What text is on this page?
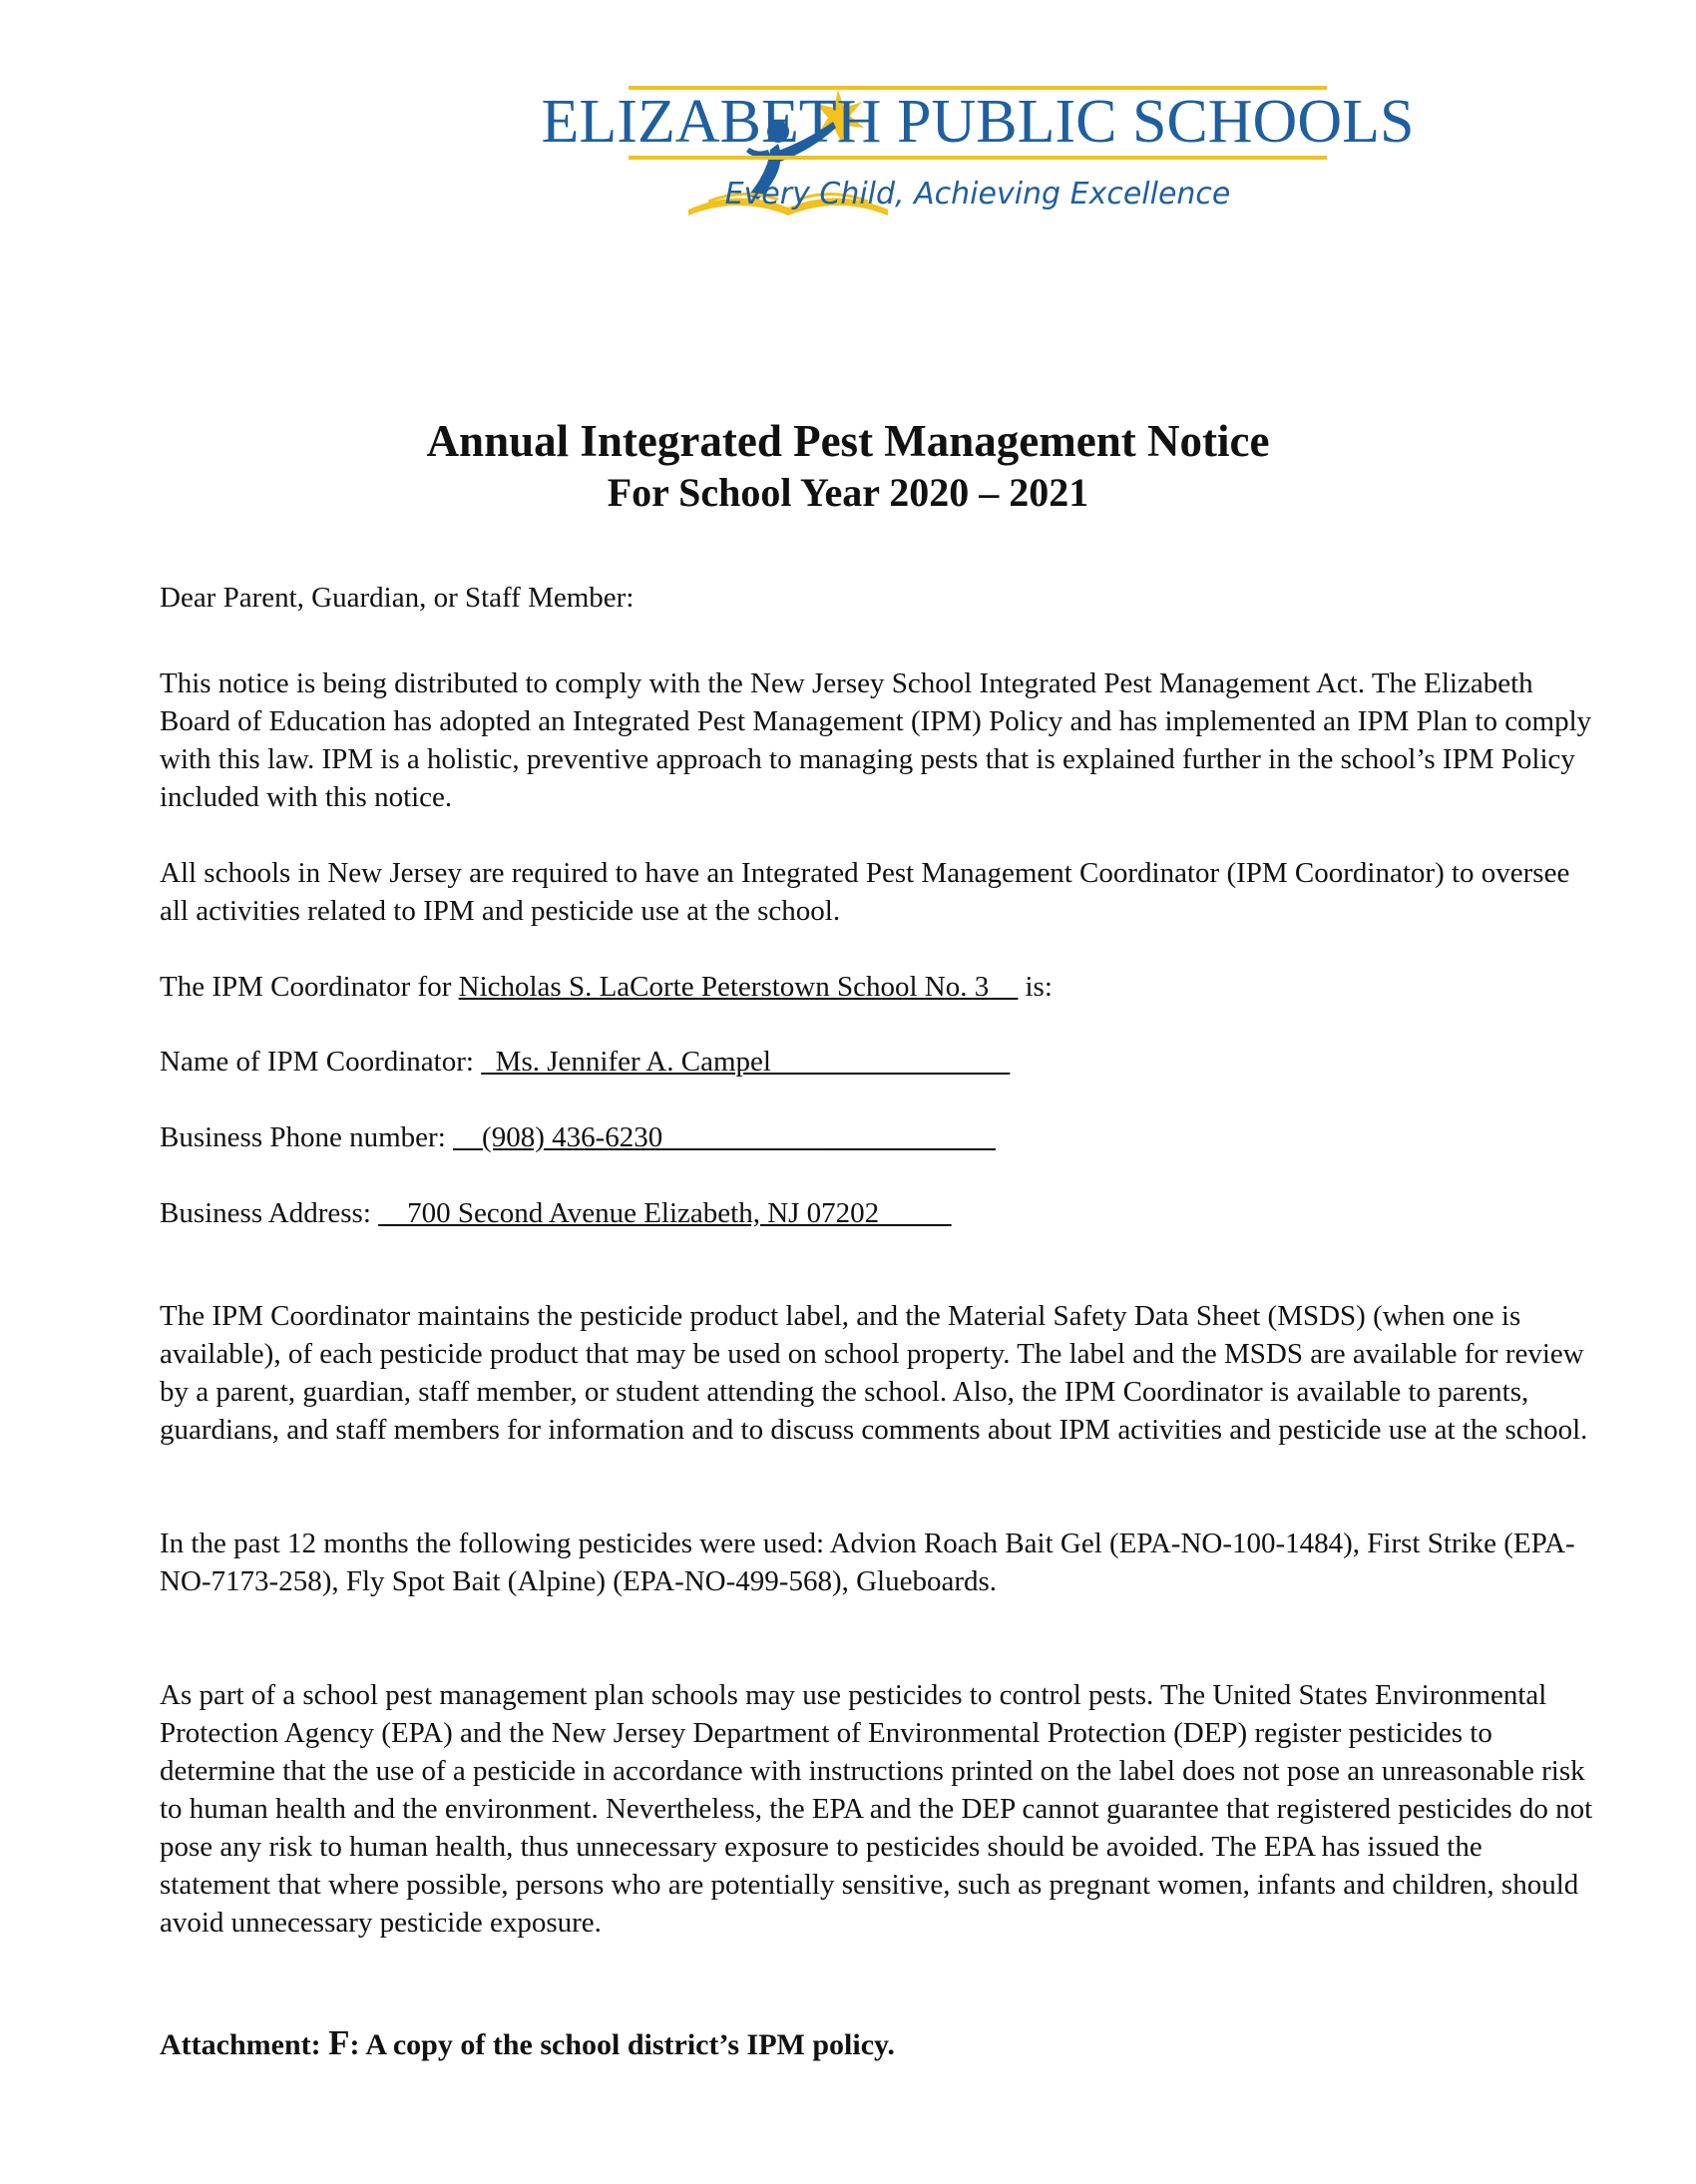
ELIZABETH PUBLIC SCHOOLS
Every Child, Achieving Excellence
Annual Integrated Pest Management Notice
For School Year 2020 – 2021
Dear Parent, Guardian, or Staff Member:
This notice is being distributed to comply with the New Jersey School Integrated Pest Management Act. The Elizabeth Board of Education has adopted an Integrated Pest Management (IPM) Policy and has implemented an IPM Plan to comply with this law. IPM is a holistic, preventive approach to managing pests that is explained further in the school’s IPM Policy included with this notice.
All schools in New Jersey are required to have an Integrated Pest Management Coordinator (IPM Coordinator) to oversee all activities related to IPM and pesticide use at the school.
The IPM Coordinator for Nicholas S. LaCorte Peterstown School No. 3__ is:
Name of IPM Coordinator:   Ms. Jennifer A. Campel         ____________
Business Phone number:     (908) 436-6230                      ____________
Business Address:     700 Second Avenue Elizabeth, NJ 07202
The IPM Coordinator maintains the pesticide product label, and the Material Safety Data Sheet (MSDS) (when one is available), of each pesticide product that may be used on school property. The label and the MSDS are available for review by a parent, guardian, staff member, or student attending the school. Also, the IPM Coordinator is available to parents, guardians, and staff members for information and to discuss comments about IPM activities and pesticide use at the school.
In the past 12 months the following pesticides were used: Advion Roach Bait Gel (EPA-NO-100-1484), First Strike (EPA-NO-7173-258), Fly Spot Bait (Alpine) (EPA-NO-499-568), Glueboards.
As part of a school pest management plan schools may use pesticides to control pests. The United States Environmental Protection Agency (EPA) and the New Jersey Department of Environmental Protection (DEP) register pesticides to determine that the use of a pesticide in accordance with instructions printed on the label does not pose an unreasonable risk to human health and the environment. Nevertheless, the EPA and the DEP cannot guarantee that registered pesticides do not pose any risk to human health, thus unnecessary exposure to pesticides should be avoided. The EPA has issued the statement that where possible, persons who are potentially sensitive, such as pregnant women, infants and children, should avoid unnecessary pesticide exposure.
Attachment: F: A copy of the school district’s IPM policy.
